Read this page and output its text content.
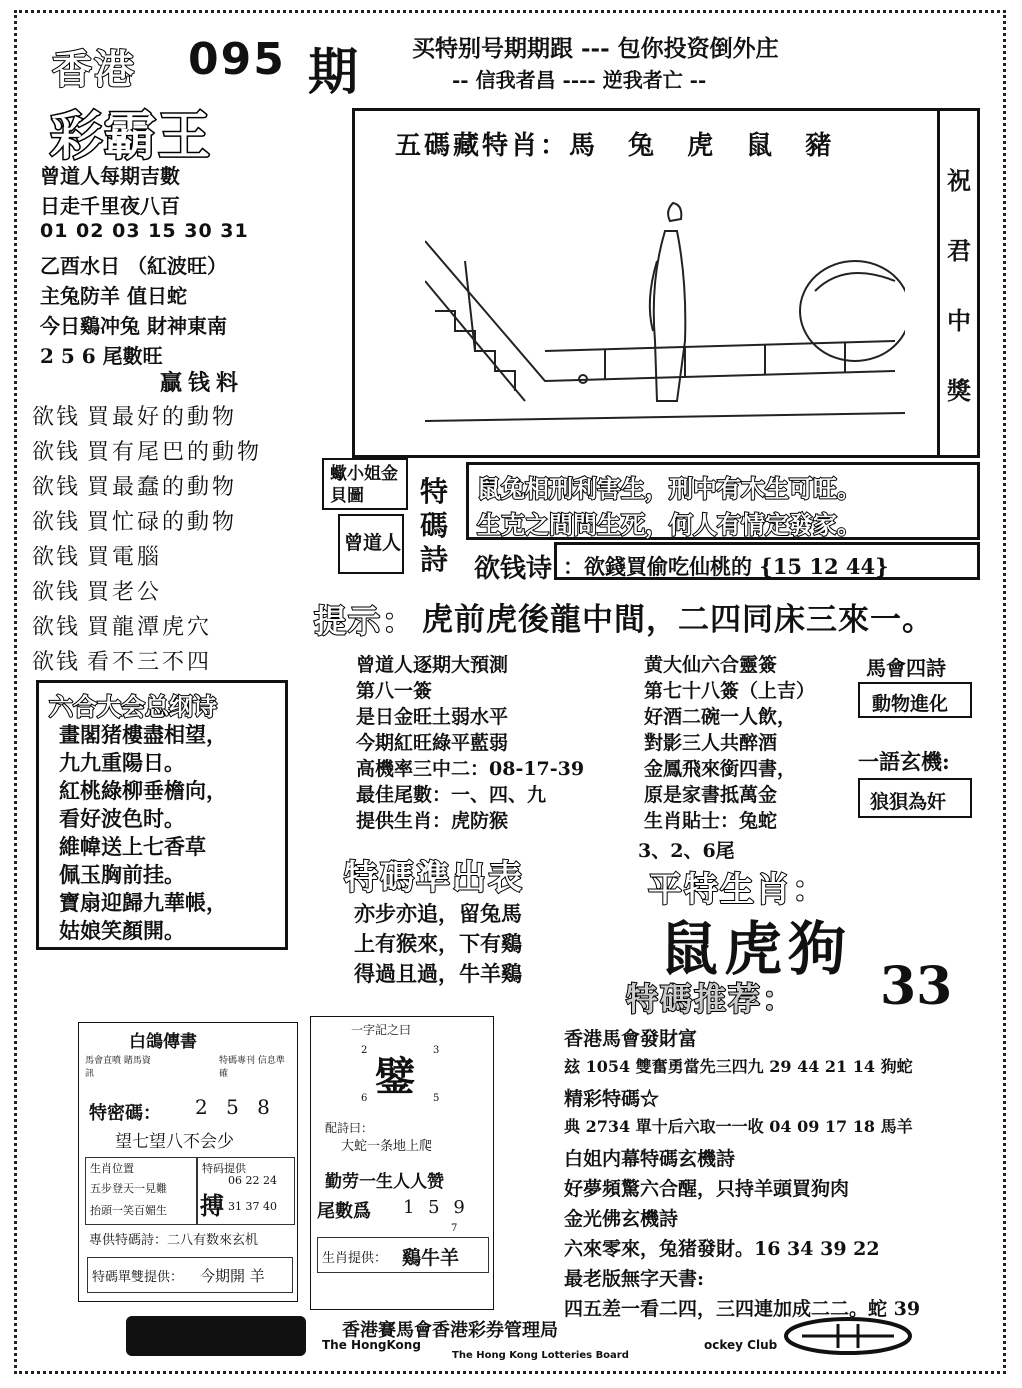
香港 095 期
彩霸王
买特别号期期跟 --- 包你投资倒外庄
-- 信我者昌 ---- 逆我者亡 --
曾道人每期吉數
日走千里夜八百
01 02 03 15 30 31
乙酉水日 （紅波旺）
主兔防羊 值日蛇
今日鷄冲兔 財神東南
2 5 6 尾數旺
贏钱料
欲钱 買最好的動物
欲钱 買有尾巴的動物
欲钱 買最蠢的動物
欲钱 買忙碌的動物
欲钱 買電腦
欲钱 買老公
欲钱 買龍潭虎穴
欲钱 看不三不四
五碼藏特肖：馬 兔 虎 鼠 豬
祝
君
中
獎
蠍小姐金貝圖
曾道人
特
碼
詩
鼠兔相刑利害生，刑中有木生可旺。
生克之間問生死，何人有情定發家。
欲钱诗 ：欲錢買偷吃仙桃的 {15 12 44}
提示： 虎前虎後龍中間，二四同床三來一。
曾道人逐期大預測
第八一簽
是日金旺土弱水平
今期紅旺綠平藍弱
高機率三中二：08-17-39
最佳尾數：一、四、九
提供生肖：虎防猴
黄大仙六合靈簽
第七十八簽（上吉）
好酒二碗一人飲，
對影三人共醉酒
金鳳飛來銜四書，
原是家書抵萬金
生肖貼士：兔蛇
3、2、6尾
馬會四詩
動物進化
一語玄機:
狼狽為奸
六合大会总纲诗
畫閣猪樓盡相望，
九九重陽日。
紅桃綠柳垂檐向，
看好波色时。
維幃送上七香草
佩玉胸前挂。
寶扇迎歸九華帳，
姑娘笑顏開。
特碼準出表
亦步亦追，留兔馬
上有猴來，下有鷄
得過且過，牛羊鷄
平特生肖：
鼠虎狗
特碼推荐： 33
白鴿傳書
馬會直噴 賭馬資訊
特碼專刊 信息準確
特密碼： 2 5 8
望七望八不会少
生肖位置
五步登天一見難
抬頭一笑百媚生
特码提供
搏
06 22 24
31 37 40
專供特碼詩：二八有数來玄机
特碼單雙提供： 今期開 羊
一字記之曰
2	3
鐾
6	5
配詩曰：
大蛇一条地上爬
勤劳一生人人赞
尾數爲 1 5 9
7
生肖提供： 鷄牛羊
香港馬會發財富
玆 1054 雙奮勇當先三四九 29 44 21 14 狗蛇
精彩特碼☆
典 2734 單十后六取一一收 04 09 17 18 馬羊
白姐内幕特碼玄機詩
好夢頻驚六合醒，只持羊頭買狗肉
金光佛玄機詩
六來零來，兔猪發財。16 34 39 22
最老版無字天書:
四五差一看二四，三四連加成二二。蛇 39
香港賽馬會香港彩券管理局
The HongKong	ockey Club
The Hong Kong Lotteries Board
